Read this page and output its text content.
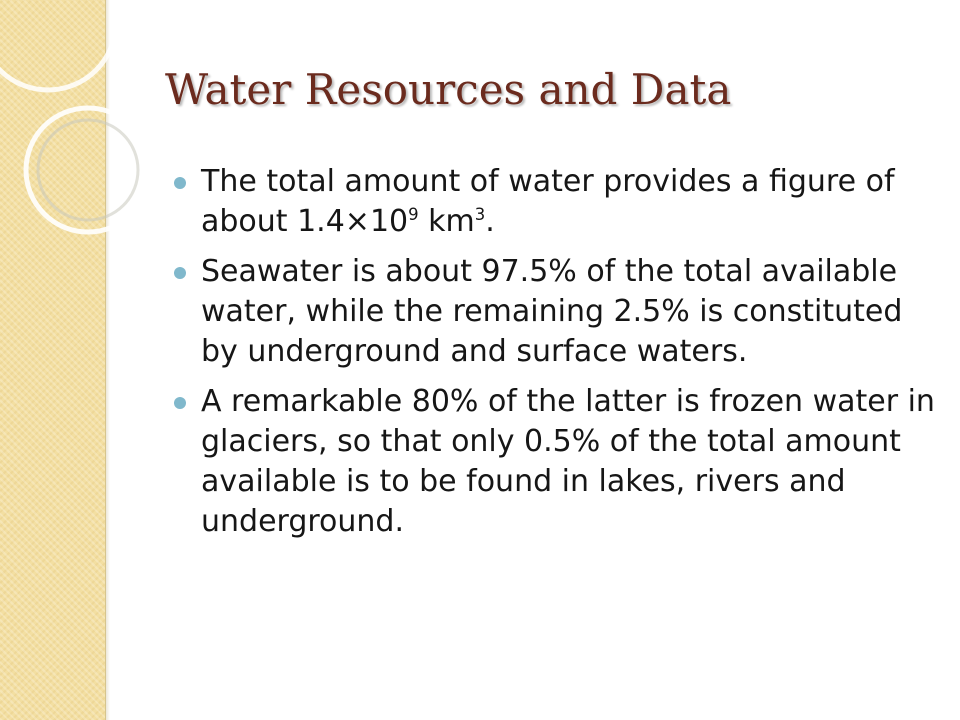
Water Resources and Data
The total amount of water provides a figure of about $1.4\times 10^9$ $km^3$.
Seawater is about 97.5% of the total available water, while the remaining 2.5% is constituted by underground and surface waters.
A remarkable 80% of the latter is frozen water in glaciers, so that only 0.5% of the total amount available is to be found in lakes, rivers and underground.
